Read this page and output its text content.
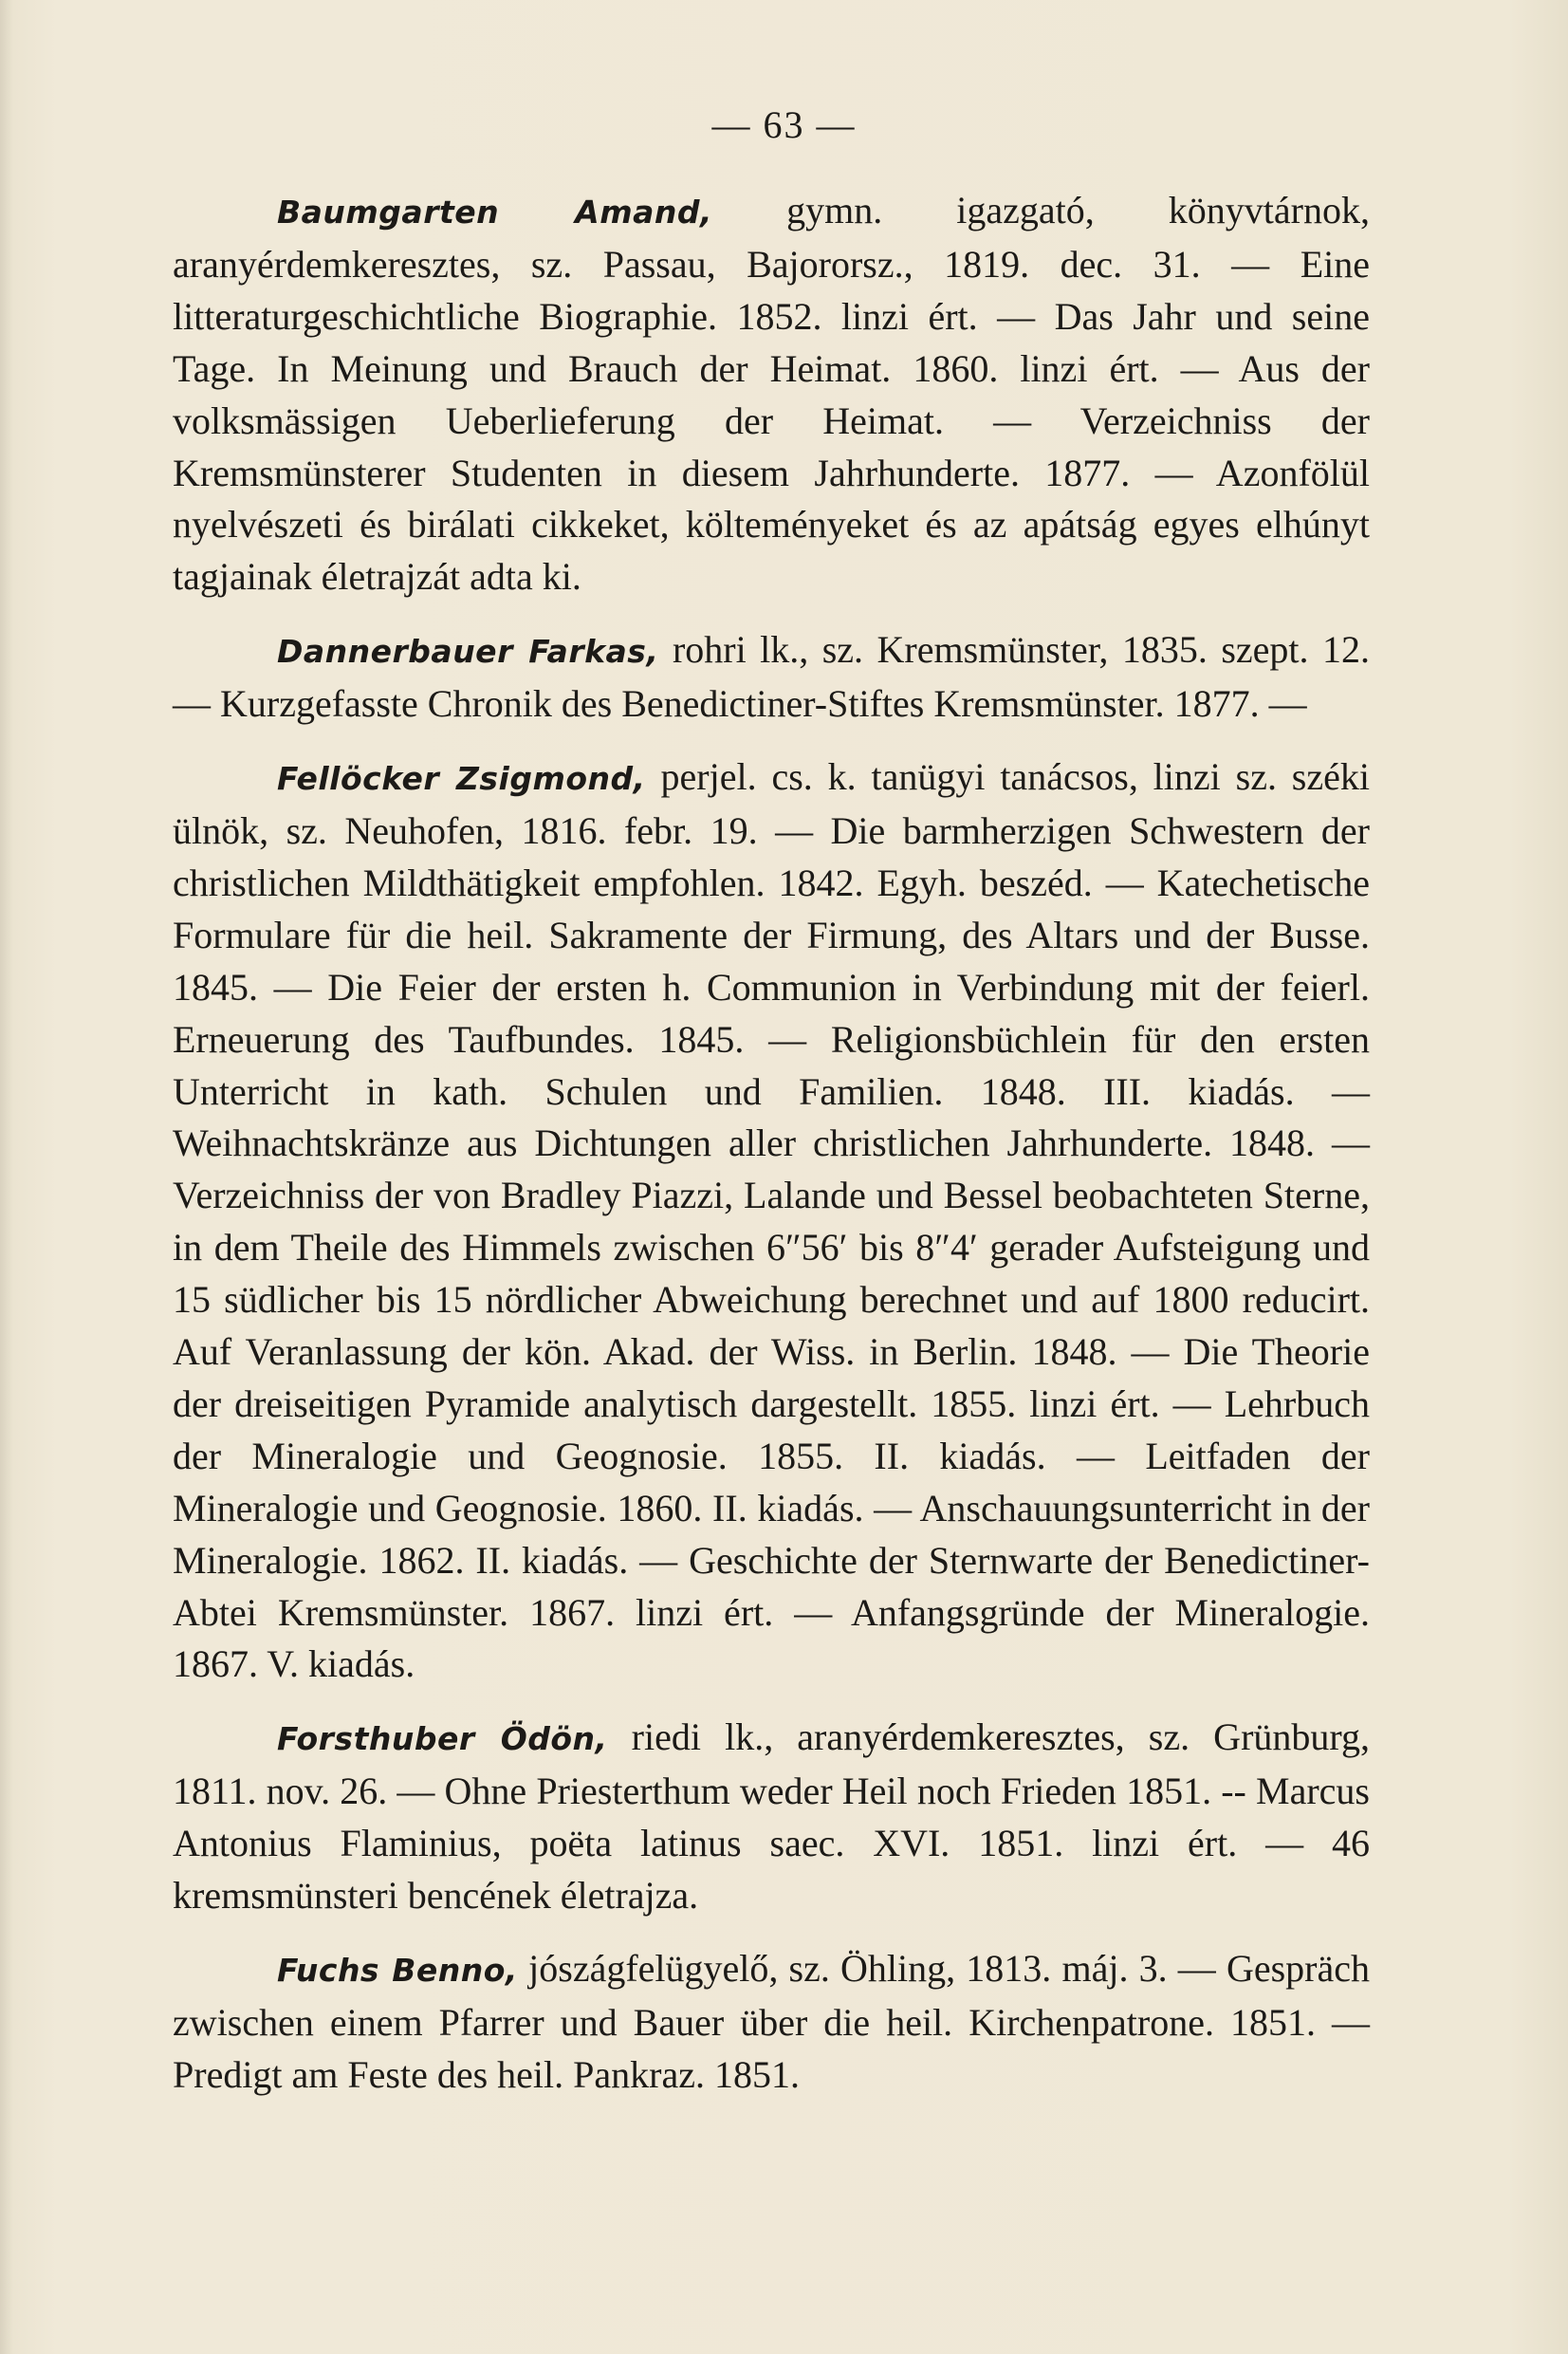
— 63 —

Baumgarten Amand, gymn. igazgató, könyvtárnok, aranyérdemkeresztes, sz. Passau, Bajororsz., 1819. dec. 31. — Eine litteraturgeschichtliche Biographie. 1852. linzi ért. — Das Jahr und seine Tage. In Meinung und Brauch der Heimat. 1860. linzi ért. — Aus der volksmässigen Ueberlieferung der Heimat. — Verzeichniss der Kremsmünsterer Studenten in diesem Jahrhunderte. 1877. — Azonfölül nyelvészeti és birálati cikkeket, költeményeket és az apátság egyes elhúnyt tagjainak életrajzát adta ki.

Dannerbauer Farkas, rohri lk., sz. Kremsmünster, 1835. szept. 12. — Kurzgefasste Chronik des Benedictiner-Stiftes Kremsmünster. 1877. —

Fellöcker Zsigmond, perjel. cs. k. tanügyi tanácsos, linzi sz. széki ülnök, sz. Neuhofen, 1816. febr. 19. — Die barmherzigen Schwestern der christlichen Mildthätigkeit empfohlen. 1842. Egyh. beszéd. — Katechetische Formulare für die heil. Sakramente der Firmung, des Altars und der Busse. 1845. — Die Feier der ersten h. Communion in Verbindung mit der feierl. Erneuerung des Taufbundes. 1845. — Religionsbüchlein für den ersten Unterricht in kath. Schulen und Familien. 1848. III. kiadás. — Weihnachtskränze aus Dichtungen aller christlichen Jahrhunderte. 1848. — Verzeichniss der von Bradley Piazzi, Lalande und Bessel beobachteten Sterne, in dem Theile des Himmels zwischen 6″56′ bis 8″4′ gerader Aufsteigung und 15 südlicher bis 15 nördlicher Abweichung berechnet und auf 1800 reducirt. Auf Veranlassung der kön. Akad. der Wiss. in Berlin. 1848. — Die Theorie der dreiseitigen Pyramide analytisch dargestellt. 1855. linzi ért. — Lehrbuch der Mineralogie und Geognosie. 1855. II. kiadás. — Leitfaden der Mineralogie und Geognosie. 1860. II. kiadás. — Anschauungsunterricht in der Mineralogie. 1862. II. kiadás. — Geschichte der Sternwarte der Benedictiner-Abtei Kremsmünster. 1867. linzi ért. — Anfangsgründe der Mineralogie. 1867. V. kiadás.

Forsthuber Ödön, riedi lk., aranyérdemkeresztes, sz. Grünburg, 1811. nov. 26. — Ohne Priesterthum weder Heil noch Frieden 1851. -- Marcus Antonius Flaminius, poëta latinus saec. XVI. 1851. linzi ért. — 46 kremsmünsteri bencének életrajza.

Fuchs Benno, jószágfelügyelő, sz. Öhling, 1813. máj. 3. — Gespräch zwischen einem Pfarrer und Bauer über die heil. Kirchenpatrone. 1851. — Predigt am Feste des heil. Pankraz. 1851.
